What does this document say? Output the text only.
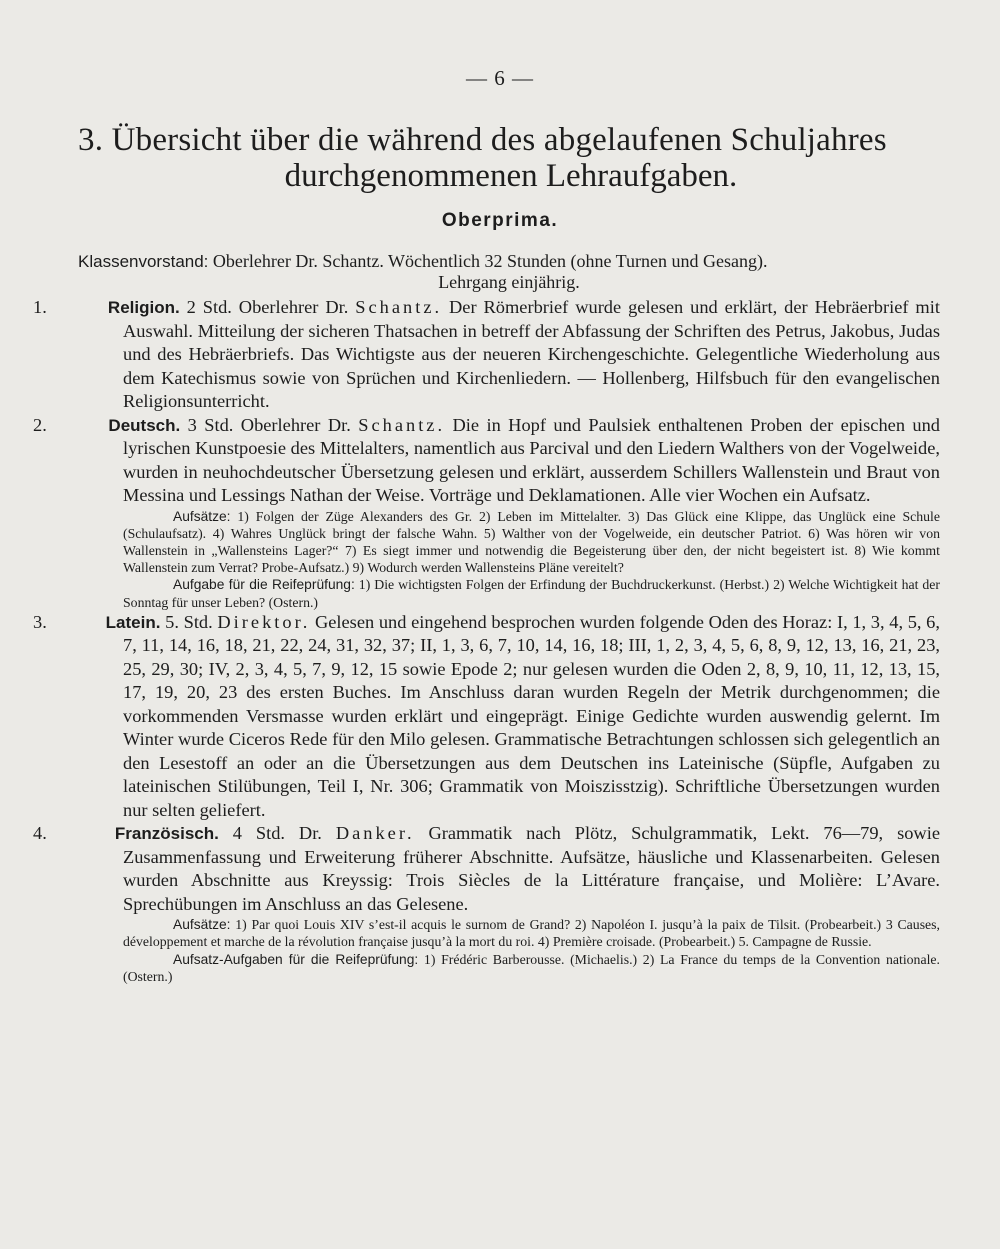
— 6 —
3. Übersicht über die während des abgelaufenen Schuljahres
durchgenommenen Lehraufgaben.
Oberprima.
Klassenvorstand: Oberlehrer Dr. Schantz. Wöchentlich 32 Stunden (ohne Turnen und Gesang).
Lehrgang einjährig.

1.	Religion. 2 Std. Oberlehrer Dr. Schantz. Der Römerbrief wurde gelesen und erklärt, der Hebräerbrief mit Auswahl. Mitteilung der sicheren Thatsachen in betreff der Abfassung der Schriften des Petrus, Jakobus, Judas und des Hebräerbriefs. Das Wichtigste aus der neueren Kirchengeschichte. Gelegentliche Wiederholung aus dem Katechismus sowie von Sprüchen und Kirchenliedern. — Hollenberg, Hilfsbuch für den evangelischen Religionsunterricht.

2.	Deutsch. 3 Std. Oberlehrer Dr. Schantz. Die in Hopf und Paulsiek enthaltenen Proben der epischen und lyrischen Kunstpoesie des Mittelalters, namentlich aus Parcival und den Liedern Walthers von der Vogelweide, wurden in neuhochdeutscher Übersetzung gelesen und erklärt, ausserdem Schillers Wallenstein und Braut von Messina und Lessings Nathan der Weise. Vorträge und Deklamationen. Alle vier Wochen ein Aufsatz.

Aufsätze: 1) Folgen der Züge Alexanders des Gr. 2) Leben im Mittelalter. 3) Das Glück eine Klippe, das Unglück eine Schule (Schulaufsatz). 4) Wahres Unglück bringt der falsche Wahn. 5) Walther von der Vogelweide, ein deutscher Patriot. 6) Was hören wir von Wallenstein in „Wallensteins Lager?“ 7) Es siegt immer und notwendig die Begeisterung über den, der nicht begeistert ist. 8) Wie kommt Wallenstein zum Verrat? Probe-Aufsatz.) 9) Wodurch werden Wallensteins Pläne vereitelt?

Aufgabe für die Reifeprüfung: 1) Die wichtigsten Folgen der Erfindung der Buchdruckerkunst. (Herbst.) 2) Welche Wichtigkeit hat der Sonntag für unser Leben? (Ostern.)

3.	Latein. 5. Std. Direktor. Gelesen und eingehend besprochen wurden folgende Oden des Horaz: I, 1, 3, 4, 5, 6, 7, 11, 14, 16, 18, 21, 22, 24, 31, 32, 37; II, 1, 3, 6, 7, 10, 14, 16, 18; III, 1, 2, 3, 4, 5, 6, 8, 9, 12, 13, 16, 21, 23, 25, 29, 30; IV, 2, 3, 4, 5, 7, 9, 12, 15 sowie Epode 2; nur gelesen wurden die Oden 2, 8, 9, 10, 11, 12, 13, 15, 17, 19, 20, 23 des ersten Buches. Im Anschluss daran wurden Regeln der Metrik durchgenommen; die vorkommenden Versmasse wurden erklärt und eingeprägt. Einige Gedichte wurden auswendig gelernt. Im Winter wurde Ciceros Rede für den Milo gelesen. Grammatische Betrachtungen schlossen sich gelegentlich an den Lesestoff an oder an die Übersetzungen aus dem Deutschen ins Lateinische (Süpfle, Aufgaben zu lateinischen Stilübungen, Teil I, Nr. 306; Grammatik von Moiszisstzig). Schriftliche Übersetzungen wurden nur selten geliefert.

4.	Französisch. 4 Std. Dr. Danker. Grammatik nach Plötz, Schulgrammatik, Lekt. 76—79, sowie Zusammenfassung und Erweiterung früherer Abschnitte. Aufsätze, häusliche und Klassenarbeiten. Gelesen wurden Abschnitte aus Kreyssig: Trois Siècles de la Littérature française, und Molière: L’Avare. Sprechübungen im Anschluss an das Gelesene.

Aufsätze: 1) Par quoi Louis XIV s’est-il acquis le surnom de Grand? 2) Napoléon I. jusqu’à la paix de Tilsit. (Probearbeit.) 3 Causes, développement et marche de la révolution française jusqu’à la mort du roi. 4) Première croisade. (Probearbeit.) 5. Campagne de Russie.

Aufsatz-Aufgaben für die Reifeprüfung: 1) Frédéric Barberousse. (Michaelis.) 2) La France du temps de la Convention nationale. (Ostern.)
